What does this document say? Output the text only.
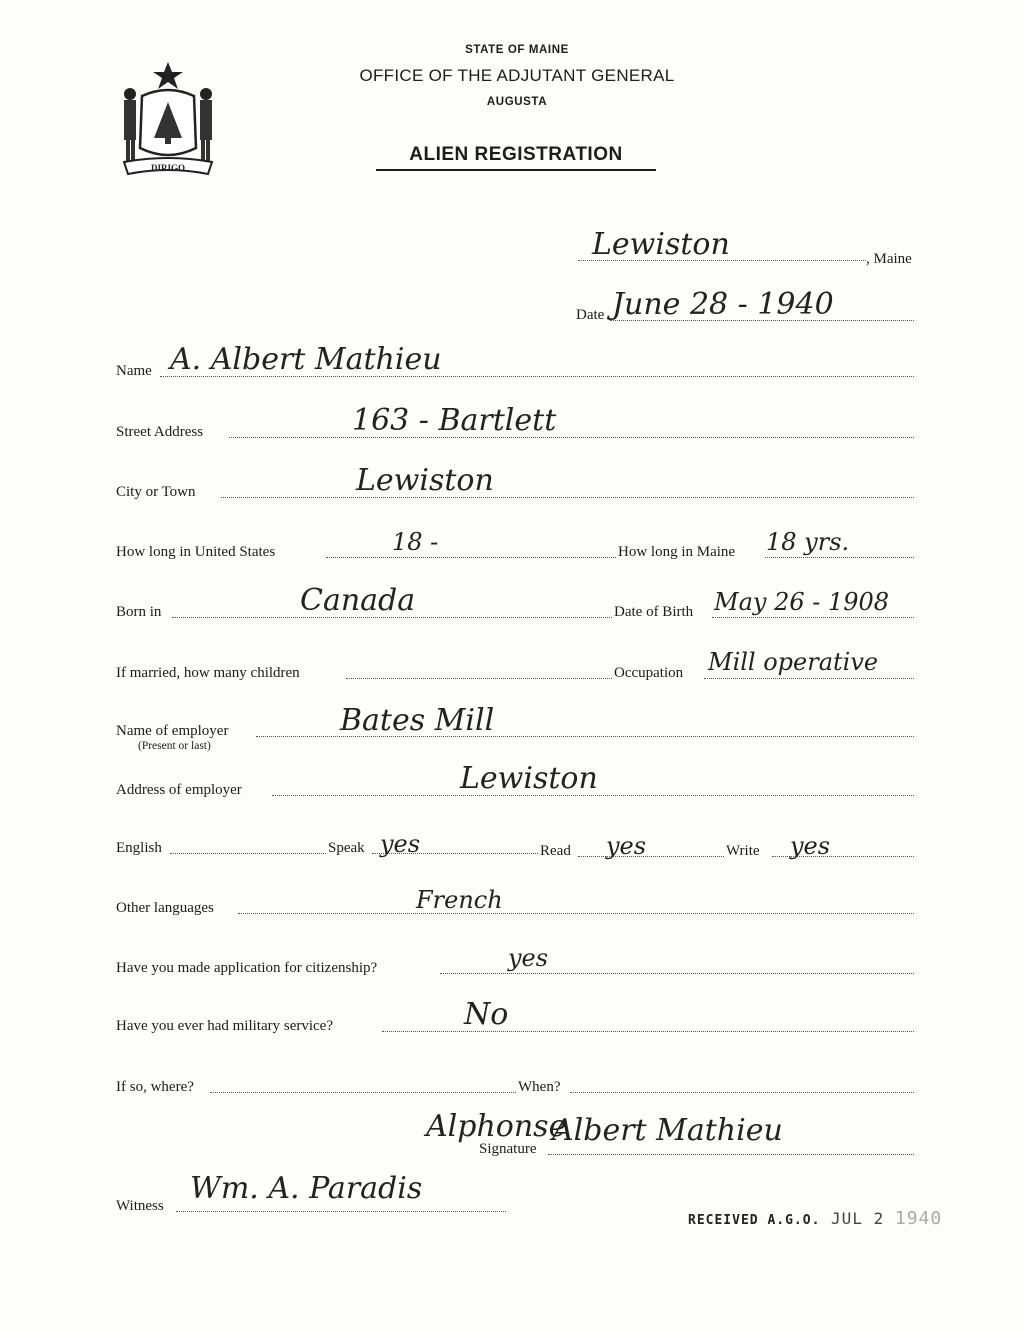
DIRIGO
STATE OF MAINE
OFFICE OF THE ADJUTANT GENERAL
AUGUSTA
ALIEN REGISTRATION
Lewiston	, Maine
Date June 28 - 1940
Name A. Albert Mathieu
Street Address	163 - Bartlett
City or Town	Lewiston
How long in United States	18 -	How long in Maine 18 yrs.
Born in	Canada	Date of Birth May 26 - 1908
If married, how many children	Occupation Mill operative
Name of employer
(Present or last)
Bates Mill
Address of employer	Lewiston
English	Speak yes	Read yes	Write yes
Other languages	French
Have you made application for citizenship?	yes
Have you ever had military service?	No
If so, where?	When?
Alphonse
Signature
Albert Mathieu
Witness Wm. A. Paradis
RECEIVED A.G.O. JUL 2 1940
